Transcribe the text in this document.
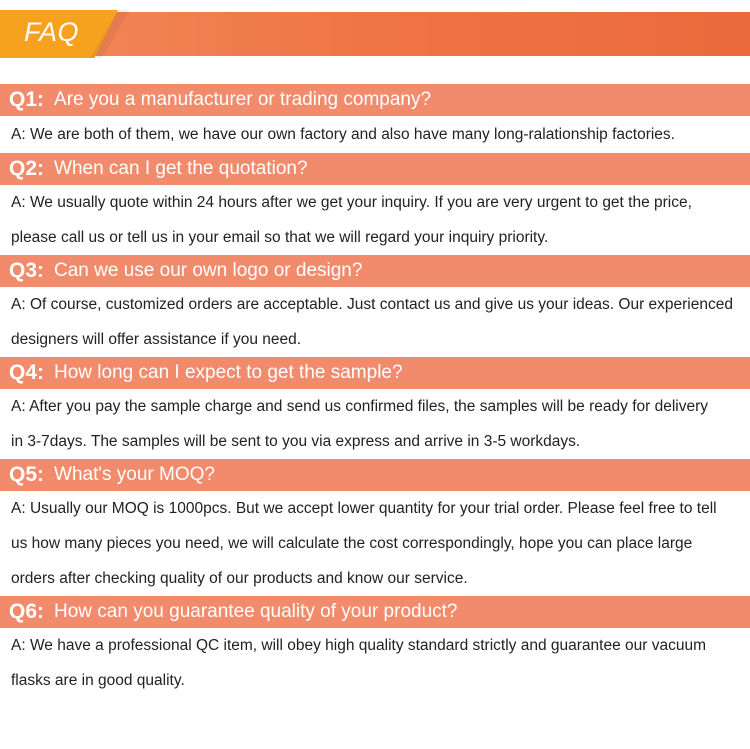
FAQ
Q1: Are you a manufacturer or trading company?
A: We are both of them, we have our own factory and also have many long-ralationship factories.
Q2: When can I get the quotation?
A: We usually quote within 24 hours after we get your inquiry. If you are very urgent to get the price,
please call us or tell us in your email so that we will regard your inquiry priority.
Q3: Can we use our own logo or design?
A: Of course, customized orders are acceptable. Just contact us and give us your ideas. Our experienced
designers will offer assistance if you need.
Q4: How long can I expect to get the sample?
A: After you pay the sample charge and send us confirmed files, the samples will be ready for delivery
in 3-7days. The samples will be sent to you via express and arrive in 3-5 workdays.
Q5: What's your MOQ?
A: Usually our MOQ is 1000pcs. But we accept lower quantity for your trial order. Please feel free to tell
us how many pieces you need, we will calculate the cost correspondingly, hope you can place large
orders after checking quality of our products and know our service.
Q6: How can you guarantee quality of your product?
A: We have a professional QC item, will obey high quality standard strictly and guarantee our vacuum
flasks are in good quality.
